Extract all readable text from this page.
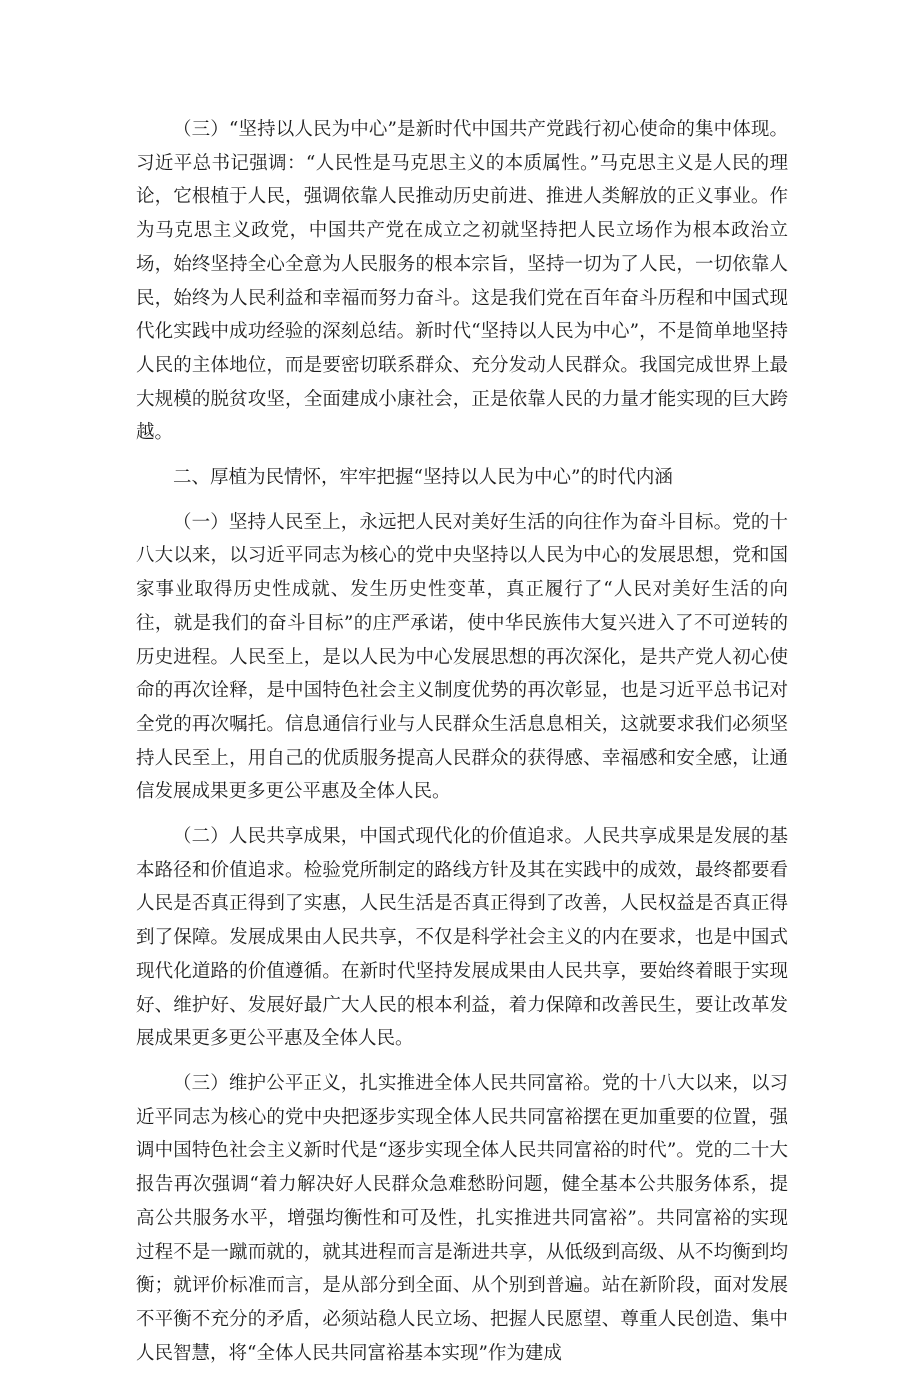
（三）“坚持以人民为中心”是新时代中国共产党践行初心使命的集中体现。习近平总书记强调：“人民性是马克思主义的本质属性。”马克思主义是人民的理论，它根植于人民，强调依靠人民推动历史前进、推进人类解放的正义事业。作为马克思主义政党，中国共产党在成立之初就坚持把人民立场作为根本政治立场，始终坚持全心全意为人民服务的根本宗旨，坚持一切为了人民，一切依靠人民，始终为人民利益和幸福而努力奋斗。这是我们党在百年奋斗历程和中国式现代化实践中成功经验的深刻总结。新时代“坚持以人民为中心”，不是简单地坚持人民的主体地位，而是要密切联系群众、充分发动人民群众。我国完成世界上最大规模的脱贫攻坚，全面建成小康社会，正是依靠人民的力量才能实现的巨大跨越。

二、厚植为民情怀，牢牢把握“坚持以人民为中心”的时代内涵

（一）坚持人民至上，永远把人民对美好生活的向往作为奋斗目标。党的十八大以来，以习近平同志为核心的党中央坚持以人民为中心的发展思想，党和国家事业取得历史性成就、发生历史性变革，真正履行了“人民对美好生活的向往，就是我们的奋斗目标”的庄严承诺，使中华民族伟大复兴进入了不可逆转的历史进程。人民至上，是以人民为中心发展思想的再次深化，是共产党人初心使命的再次诠释，是中国特色社会主义制度优势的再次彰显，也是习近平总书记对全党的再次嘱托。信息通信行业与人民群众生活息息相关，这就要求我们必须坚持人民至上，用自己的优质服务提高人民群众的获得感、幸福感和安全感，让通信发展成果更多更公平惠及全体人民。

（二）人民共享成果，中国式现代化的价值追求。人民共享成果是发展的基本路径和价值追求。检验党所制定的路线方针及其在实践中的成效，最终都要看人民是否真正得到了实惠，人民生活是否真正得到了改善，人民权益是否真正得到了保障。发展成果由人民共享，不仅是科学社会主义的内在要求，也是中国式现代化道路的价值遵循。在新时代坚持发展成果由人民共享，要始终着眼于实现好、维护好、发展好最广大人民的根本利益，着力保障和改善民生，要让改革发展成果更多更公平惠及全体人民。

（三）维护公平正义，扎实推进全体人民共同富裕。党的十八大以来，以习近平同志为核心的党中央把逐步实现全体人民共同富裕摆在更加重要的位置，强调中国特色社会主义新时代是“逐步实现全体人民共同富裕的时代”。党的二十大报告再次强调“着力解决好人民群众急难愁盼问题，健全基本公共服务体系，提高公共服务水平，增强均衡性和可及性，扎实推进共同富裕”。共同富裕的实现过程不是一蹴而就的，就其进程而言是渐进共享，从低级到高级、从不均衡到均衡；就评价标准而言，是从部分到全面、从个别到普遍。站在新阶段，面对发展不平衡不充分的矛盾，必须站稳人民立场、把握人民愿望、尊重人民创造、集中人民智慧，将“全体人民共同富裕基本实现”作为建成
